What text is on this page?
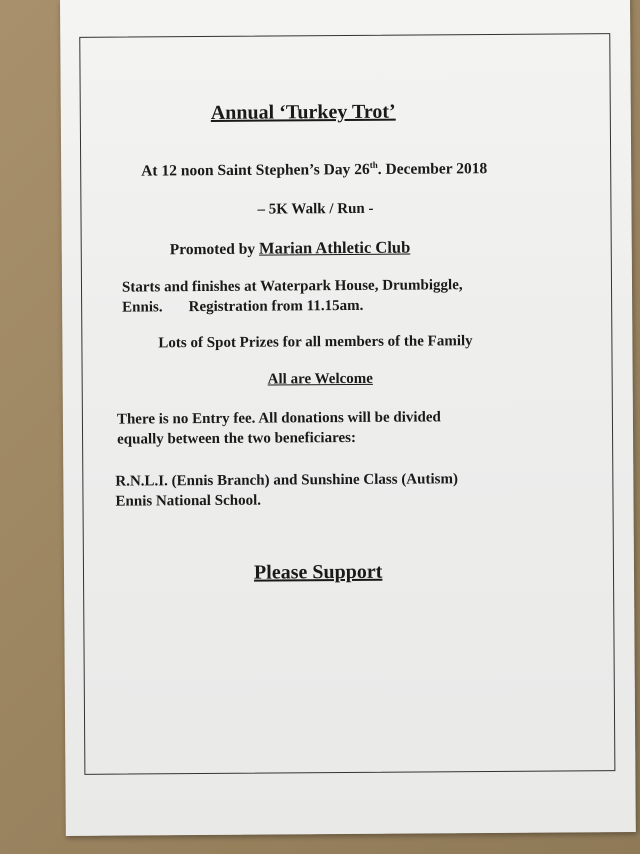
Annual ‘Turkey Trot’
At 12 noon Saint Stephen’s Day 26th. December 2018
– 5K Walk / Run -
Promoted by Marian Athletic Club
Starts and finishes at Waterpark House, Drumbiggle,
Ennis. Registration from 11.15am.
Lots of Spot Prizes for all members of the Family
All are Welcome
There is no Entry fee. All donations will be divided
equally between the two beneficiares:
R.N.L.I. (Ennis Branch) and Sunshine Class (Autism)
Ennis National School.
Please Support
